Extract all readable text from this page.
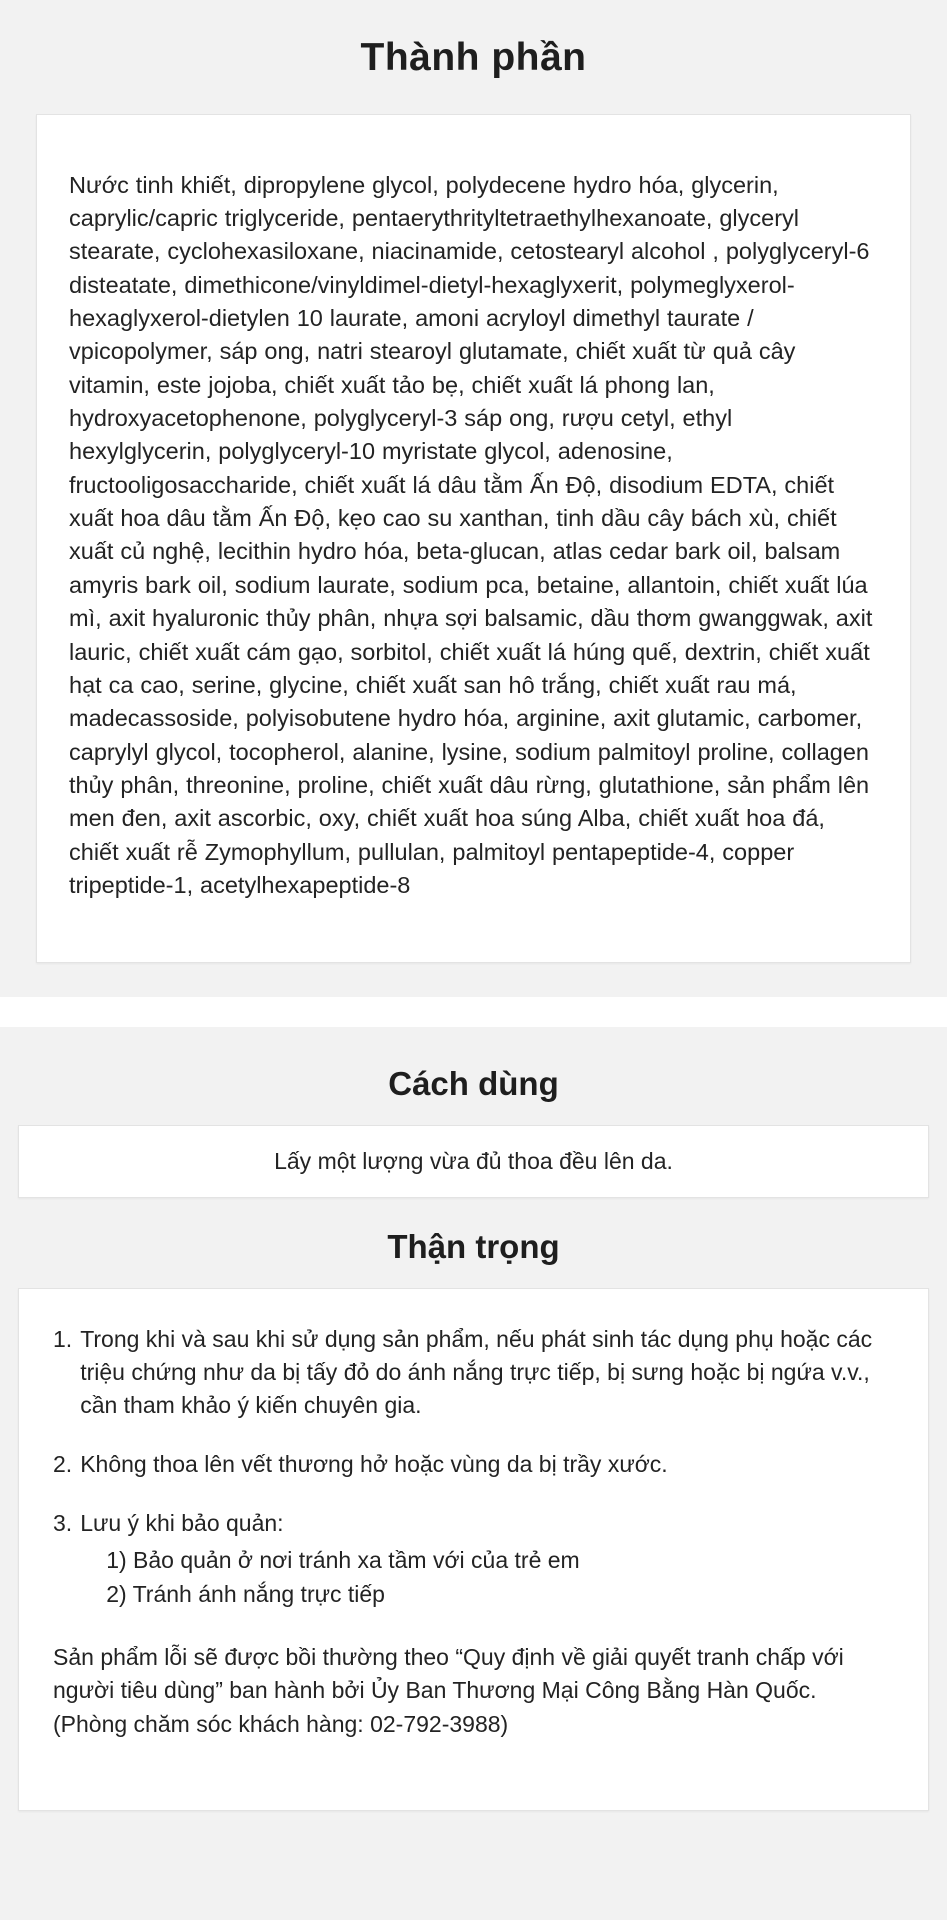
Thành phần

Nước tinh khiết, dipropylene glycol, polydecene hydro hóa, glycerin, caprylic/capric triglyceride, pentaerythrityltetraethylhexanoate, glyceryl stearate, cyclohexasiloxane, niacinamide, cetostearyl alcohol , polyglyceryl-6 disteatate, dimethicone/vinyldimel-dietyl-hexaglyxerit, polymeglyxerol-hexaglyxerol-dietylen 10 laurate, amoni acryloyl dimethyl taurate / vpicopolymer, sáp ong, natri stearoyl glutamate, chiết xuất từ quả cây vitamin, este jojoba, chiết xuất tảo bẹ, chiết xuất lá phong lan, hydroxyacetophenone, polyglyceryl-3 sáp ong, rượu cetyl, ethyl hexylglycerin, polyglyceryl-10 myristate glycol, adenosine, fructooligosaccharide, chiết xuất lá dâu tằm Ấn Độ, disodium EDTA, chiết xuất hoa dâu tằm Ấn Độ, kẹo cao su xanthan, tinh dầu cây bách xù, chiết xuất củ nghệ, lecithin hydro hóa, beta-glucan, atlas cedar bark oil, balsam amyris bark oil, sodium laurate, sodium pca, betaine, allantoin, chiết xuất lúa mì, axit hyaluronic thủy phân, nhựa sợi balsamic, dầu thơm gwanggwak, axit lauric, chiết xuất cám gạo, sorbitol, chiết xuất lá húng quế, dextrin, chiết xuất hạt ca cao, serine, glycine, chiết xuất san hô trắng, chiết xuất rau má, madecassoside, polyisobutene hydro hóa, arginine, axit glutamic, carbomer, caprylyl glycol, tocopherol, alanine, lysine, sodium palmitoyl proline, collagen thủy phân, threonine, proline, chiết xuất dâu rừng, glutathione, sản phẩm lên men đen, axit ascorbic, oxy, chiết xuất hoa súng Alba, chiết xuất hoa đá, chiết xuất rễ Zymophyllum, pullulan, palmitoyl pentapeptide-4, copper tripeptide-1, acetylhexapeptide-8

Cách dùng
Lấy một lượng vừa đủ thoa đều lên da.
Thận trọng
1. Trong khi và sau khi sử dụng sản phẩm, nếu phát sinh tác dụng phụ hoặc các triệu chứng như da bị tấy đỏ do ánh nắng trực tiếp, bị sưng hoặc bị ngứa v.v., cần tham khảo ý kiến chuyên gia.
2. Không thoa lên vết thương hở hoặc vùng da bị trầy xước.
3. Lưu ý khi bảo quản:
1) Bảo quản ở nơi tránh xa tầm với của trẻ em
2) Tránh ánh nắng trực tiếp

Sản phẩm lỗi sẽ được bồi thường theo “Quy định về giải quyết tranh chấp với người tiêu dùng” ban hành bởi Ủy Ban Thương Mại Công Bằng Hàn Quốc. (Phòng chăm sóc khách hàng: 02-792-3988)
